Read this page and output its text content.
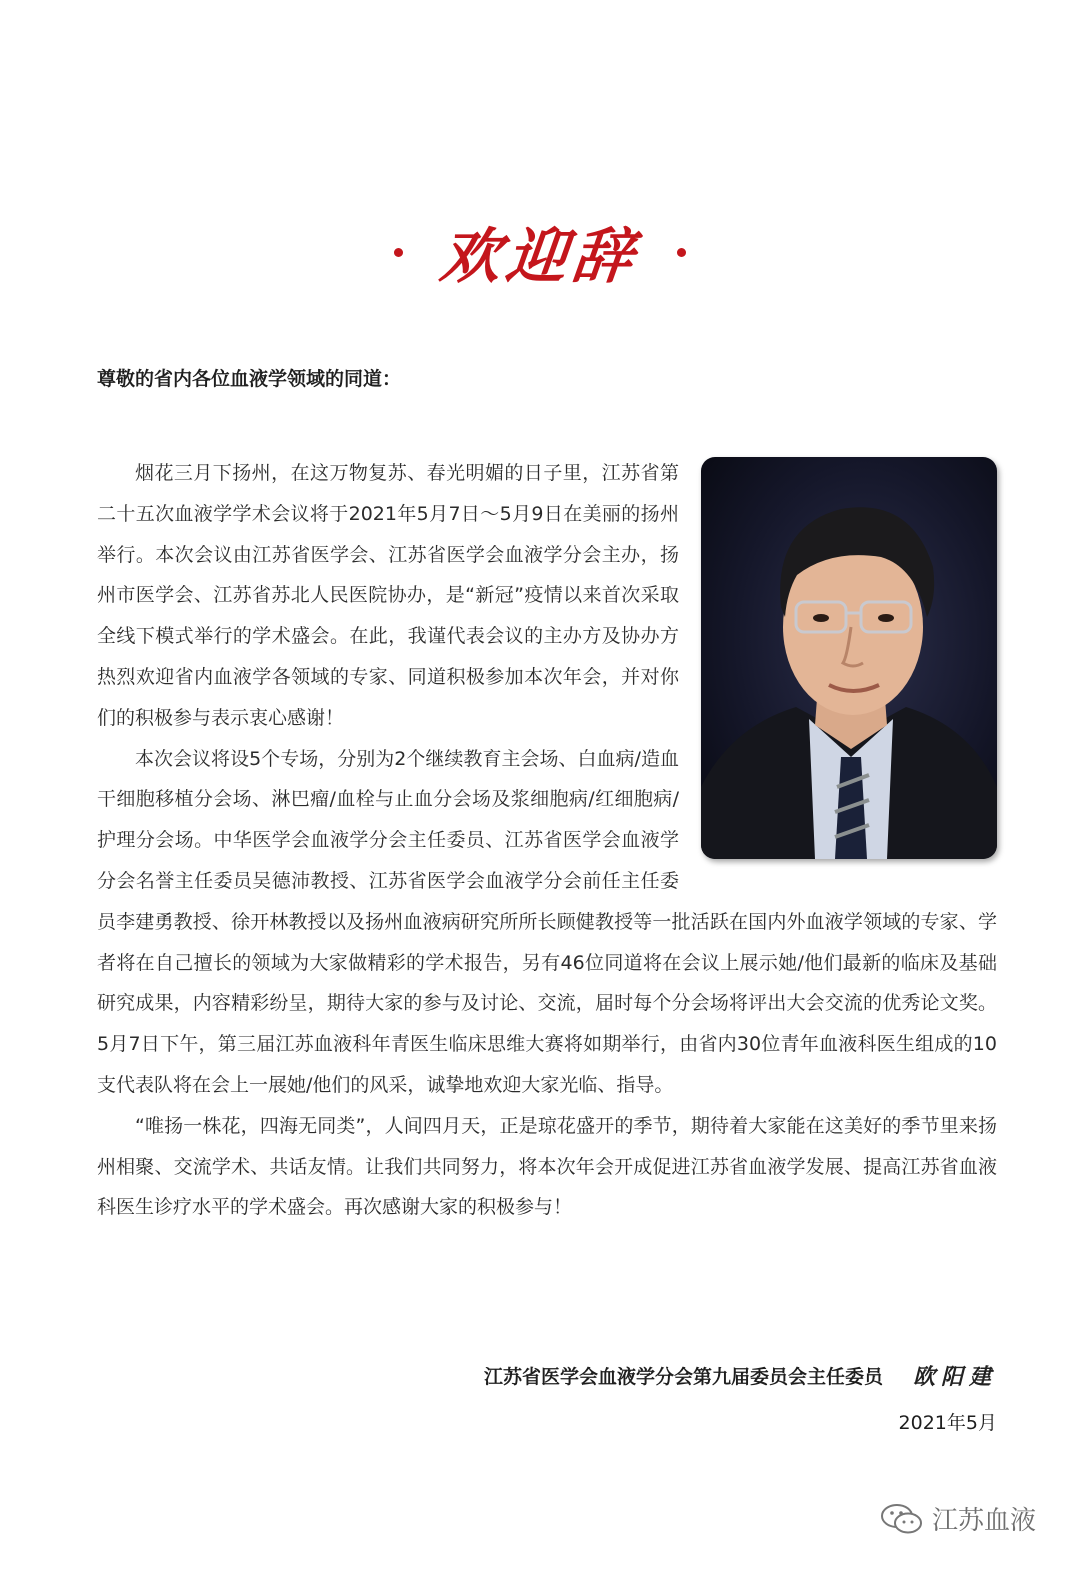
欢迎辞
尊敬的省内各位血液学领域的同道：

烟花三月下扬州，在这万物复苏、春光明媚的日子里，江苏省第二十五次血液学学术会议将于2021年5月7日～5月9日在美丽的扬州举行。本次会议由江苏省医学会、江苏省医学会血液学分会主办，扬州市医学会、江苏省苏北人民医院协办，是“新冠”疫情以来首次采取全线下模式举行的学术盛会。在此，我谨代表会议的主办方及协办方热烈欢迎省内血液学各领域的专家、同道积极参加本次年会，并对你们的积极参与表示衷心感谢！

本次会议将设5个专场，分别为2个继续教育主会场、白血病/造血干细胞移植分会场、淋巴瘤/血栓与止血分会场及浆细胞病/红细胞病/护理分会场。中华医学会血液学分会主任委员、江苏省医学会血液学分会名誉主任委员吴德沛教授、江苏省医学会血液学分会前任主任委员李建勇教授、徐开林教授以及扬州血液病研究所所长顾健教授等一批活跃在国内外血液学领域的专家、学者将在自己擅长的领域为大家做精彩的学术报告，另有46位同道将在会议上展示她/他们最新的临床及基础研究成果，内容精彩纷呈，期待大家的参与及讨论、交流，届时每个分会场将评出大会交流的优秀论文奖。5月7日下午，第三届江苏血液科年青医生临床思维大赛将如期举行，由省内30位青年血液科医生组成的10支代表队将在会上一展她/他们的风采，诚挚地欢迎大家光临、指导。

“唯扬一株花，四海无同类”，人间四月天，正是琼花盛开的季节，期待着大家能在这美好的季节里来扬州相聚、交流学术、共话友情。让我们共同努力，将本次年会开成促进江苏省血液学发展、提高江苏省血液科医生诊疗水平的学术盛会。再次感谢大家的积极参与！

江苏省医学会血液学分会第九届委员会主任委员 欧阳建
2021年5月
江苏血液
